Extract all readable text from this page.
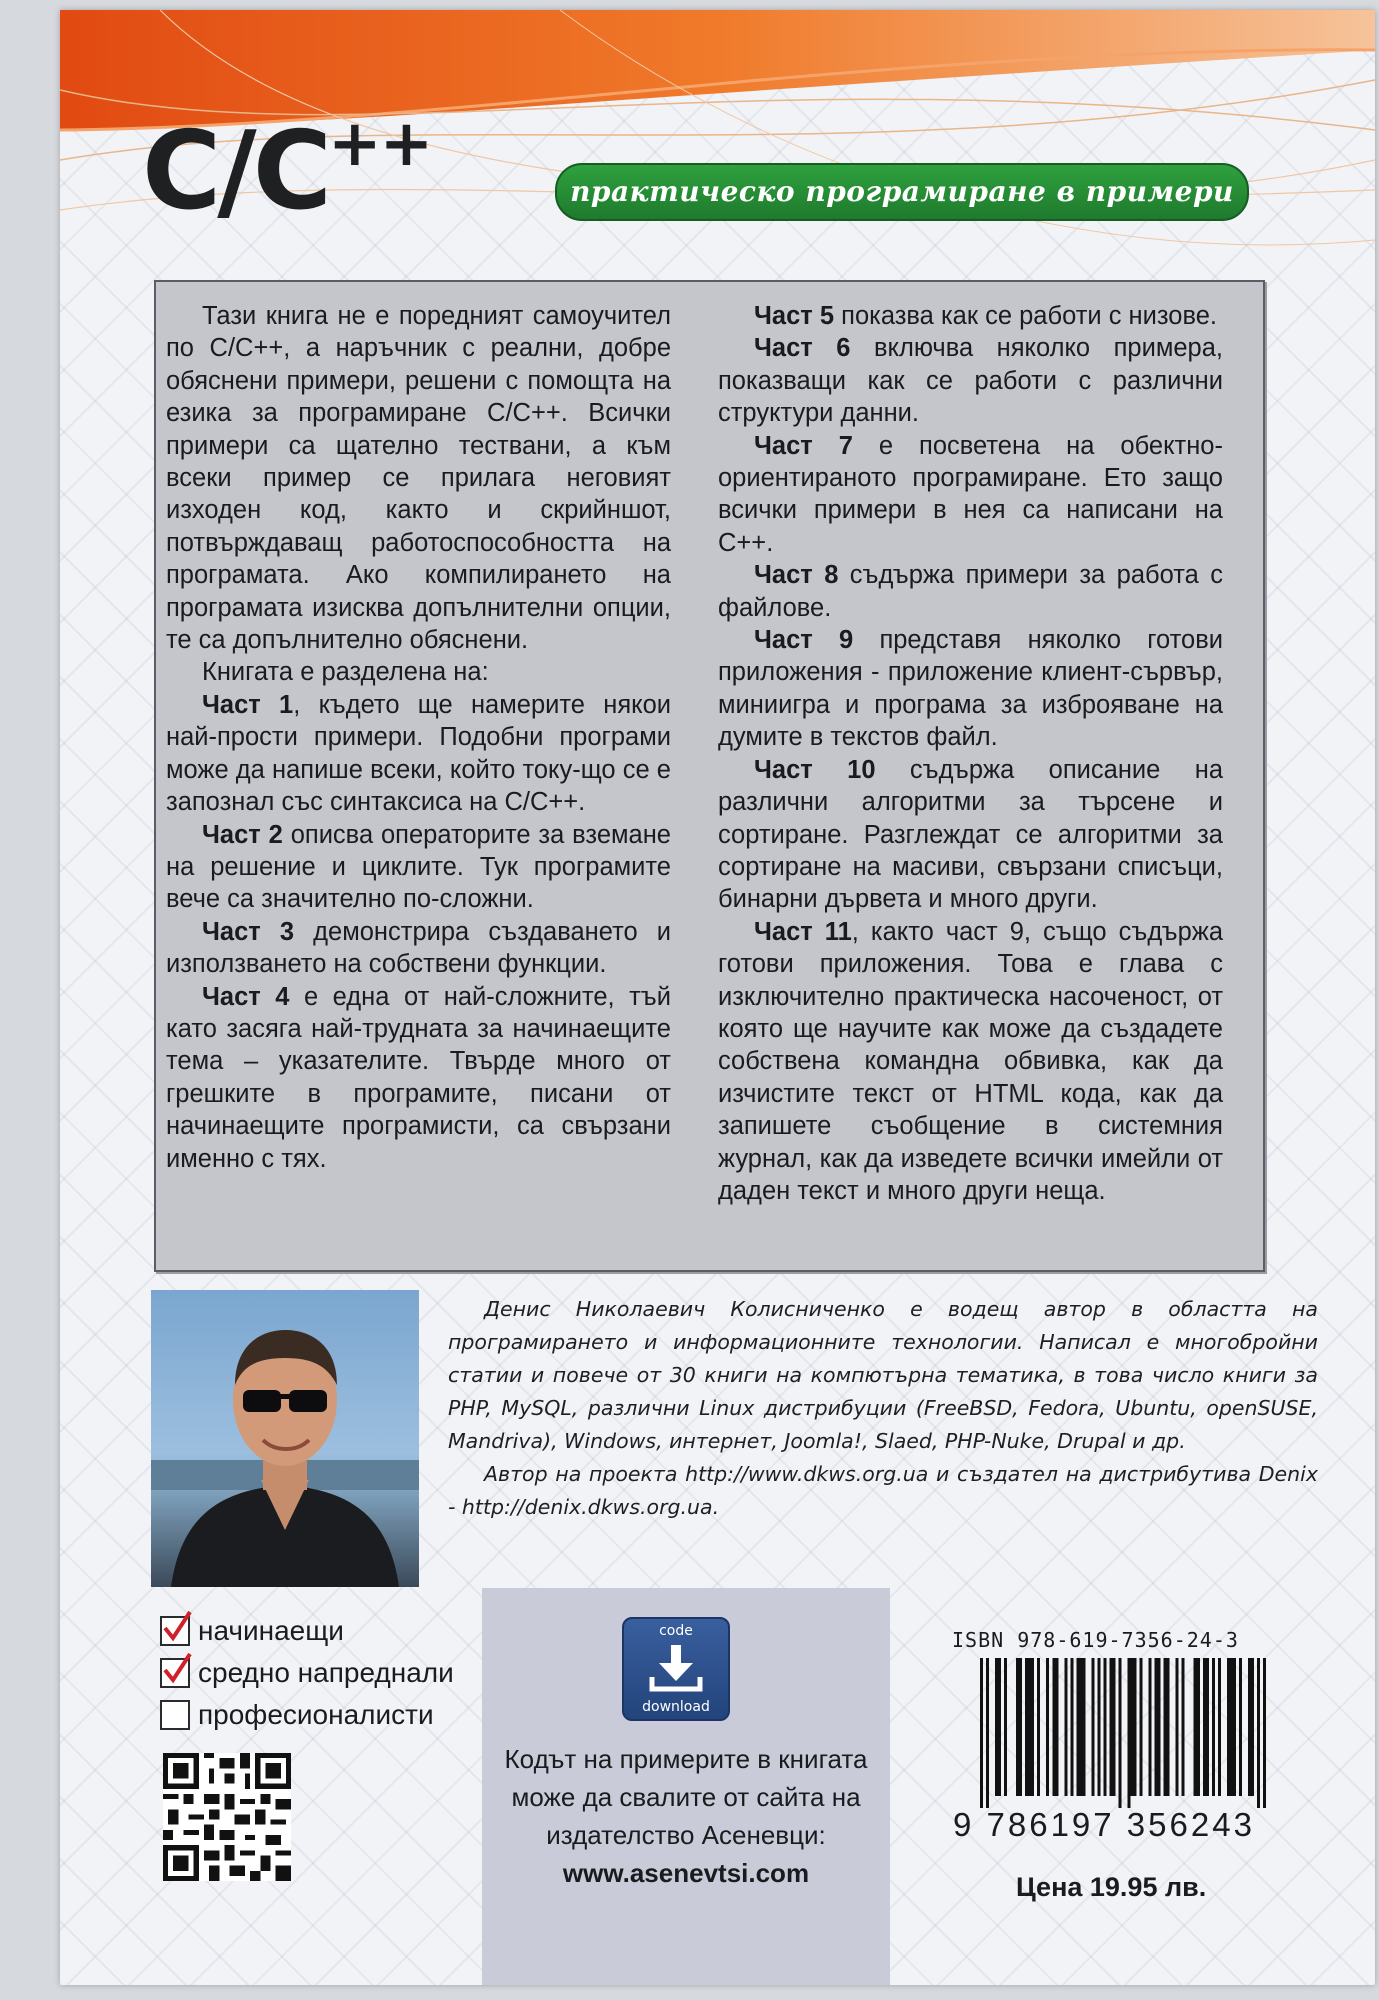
C/C++
практическо програмиране в примери

Тази книга не е поредният самоучител по C/C++, а наръчник с реални, добре обяснени примери, решени с помощта на езика за програмиране C/C++. Всички примери са щателно тествани, а към всеки пример се прилага неговият изходен код, както и скрийншот, потвърждаващ работоспособността на програмата. Ако компилирането на програмата изисква допълнителни опции, те са допълнително обяснени.

Книгата е разделена на:

Част 1, където ще намерите някои най-прости примери. Подобни програми може да напише всеки, който току-що се е запознал със синтаксиса на C/C++.

Част 2 описва операторите за вземане на решение и циклите. Тук програмите вече са значително по-сложни.

Част 3 демонстрира създаването и използването на собствени функции.

Част 4 е една от най-сложните, тъй като засяга най-трудната за начинаещите тема – указателите. Твърде много от грешките в програмите, писани от начинаещите програмисти, са свързани именно с тях.

Част 5 показва как се работи с низове.

Част 6 включва няколко примера, показващи как се работи с различни структури данни.

Част 7 е посветена на обектно-ориентираното програмиране. Ето защо всички примери в нея са написани на C++.

Част 8 съдържа примери за работа с файлове.

Част 9 представя няколко готови приложения - приложение клиент-сървър, миниигра и програма за изброяване на думите в текстов файл.

Част 10 съдържа описание на различни алгоритми за търсене и сортиране. Разглеждат се алгоритми за сортиране на масиви, свързани списъци, бинарни дървета и много други.

Част 11, както част 9, също съдържа готови приложения. Това е глава с изключително практическа насоченост, от която ще научите как може да създадете собствена командна обвивка, как да изчистите текст от HTML кода, как да запишете съобщение в системния журнал, как да изведете всички имейли от даден текст и много други неща.

Денис Николаевич Колисниченко е водещ автор в областта на програмирането и информационните технологии. Написал е многобройни статии и повече от 30 книги на компютърна тематика, в това число книги за PHP, MySQL, различни Linux дистрибуции (FreeBSD, Fedora, Ubuntu, openSUSE, Mandriva), Windows, интернет, Joomla!, Slaed, PHP-Nuke, Drupal и др.

Автор на проекта http://www.dkws.org.ua и създател на дистрибутива Denix - http://denix.dkws.org.ua.

начинаещи
средно напреднали
професионалисти
code
download
Кодът на примерите в книгата
може да свалите от сайта на
издателство Асеневци:
www.asenevtsi.com
ISBN 978-619-7356-24-3
9 786197 356243
Цена 19.95 лв.
